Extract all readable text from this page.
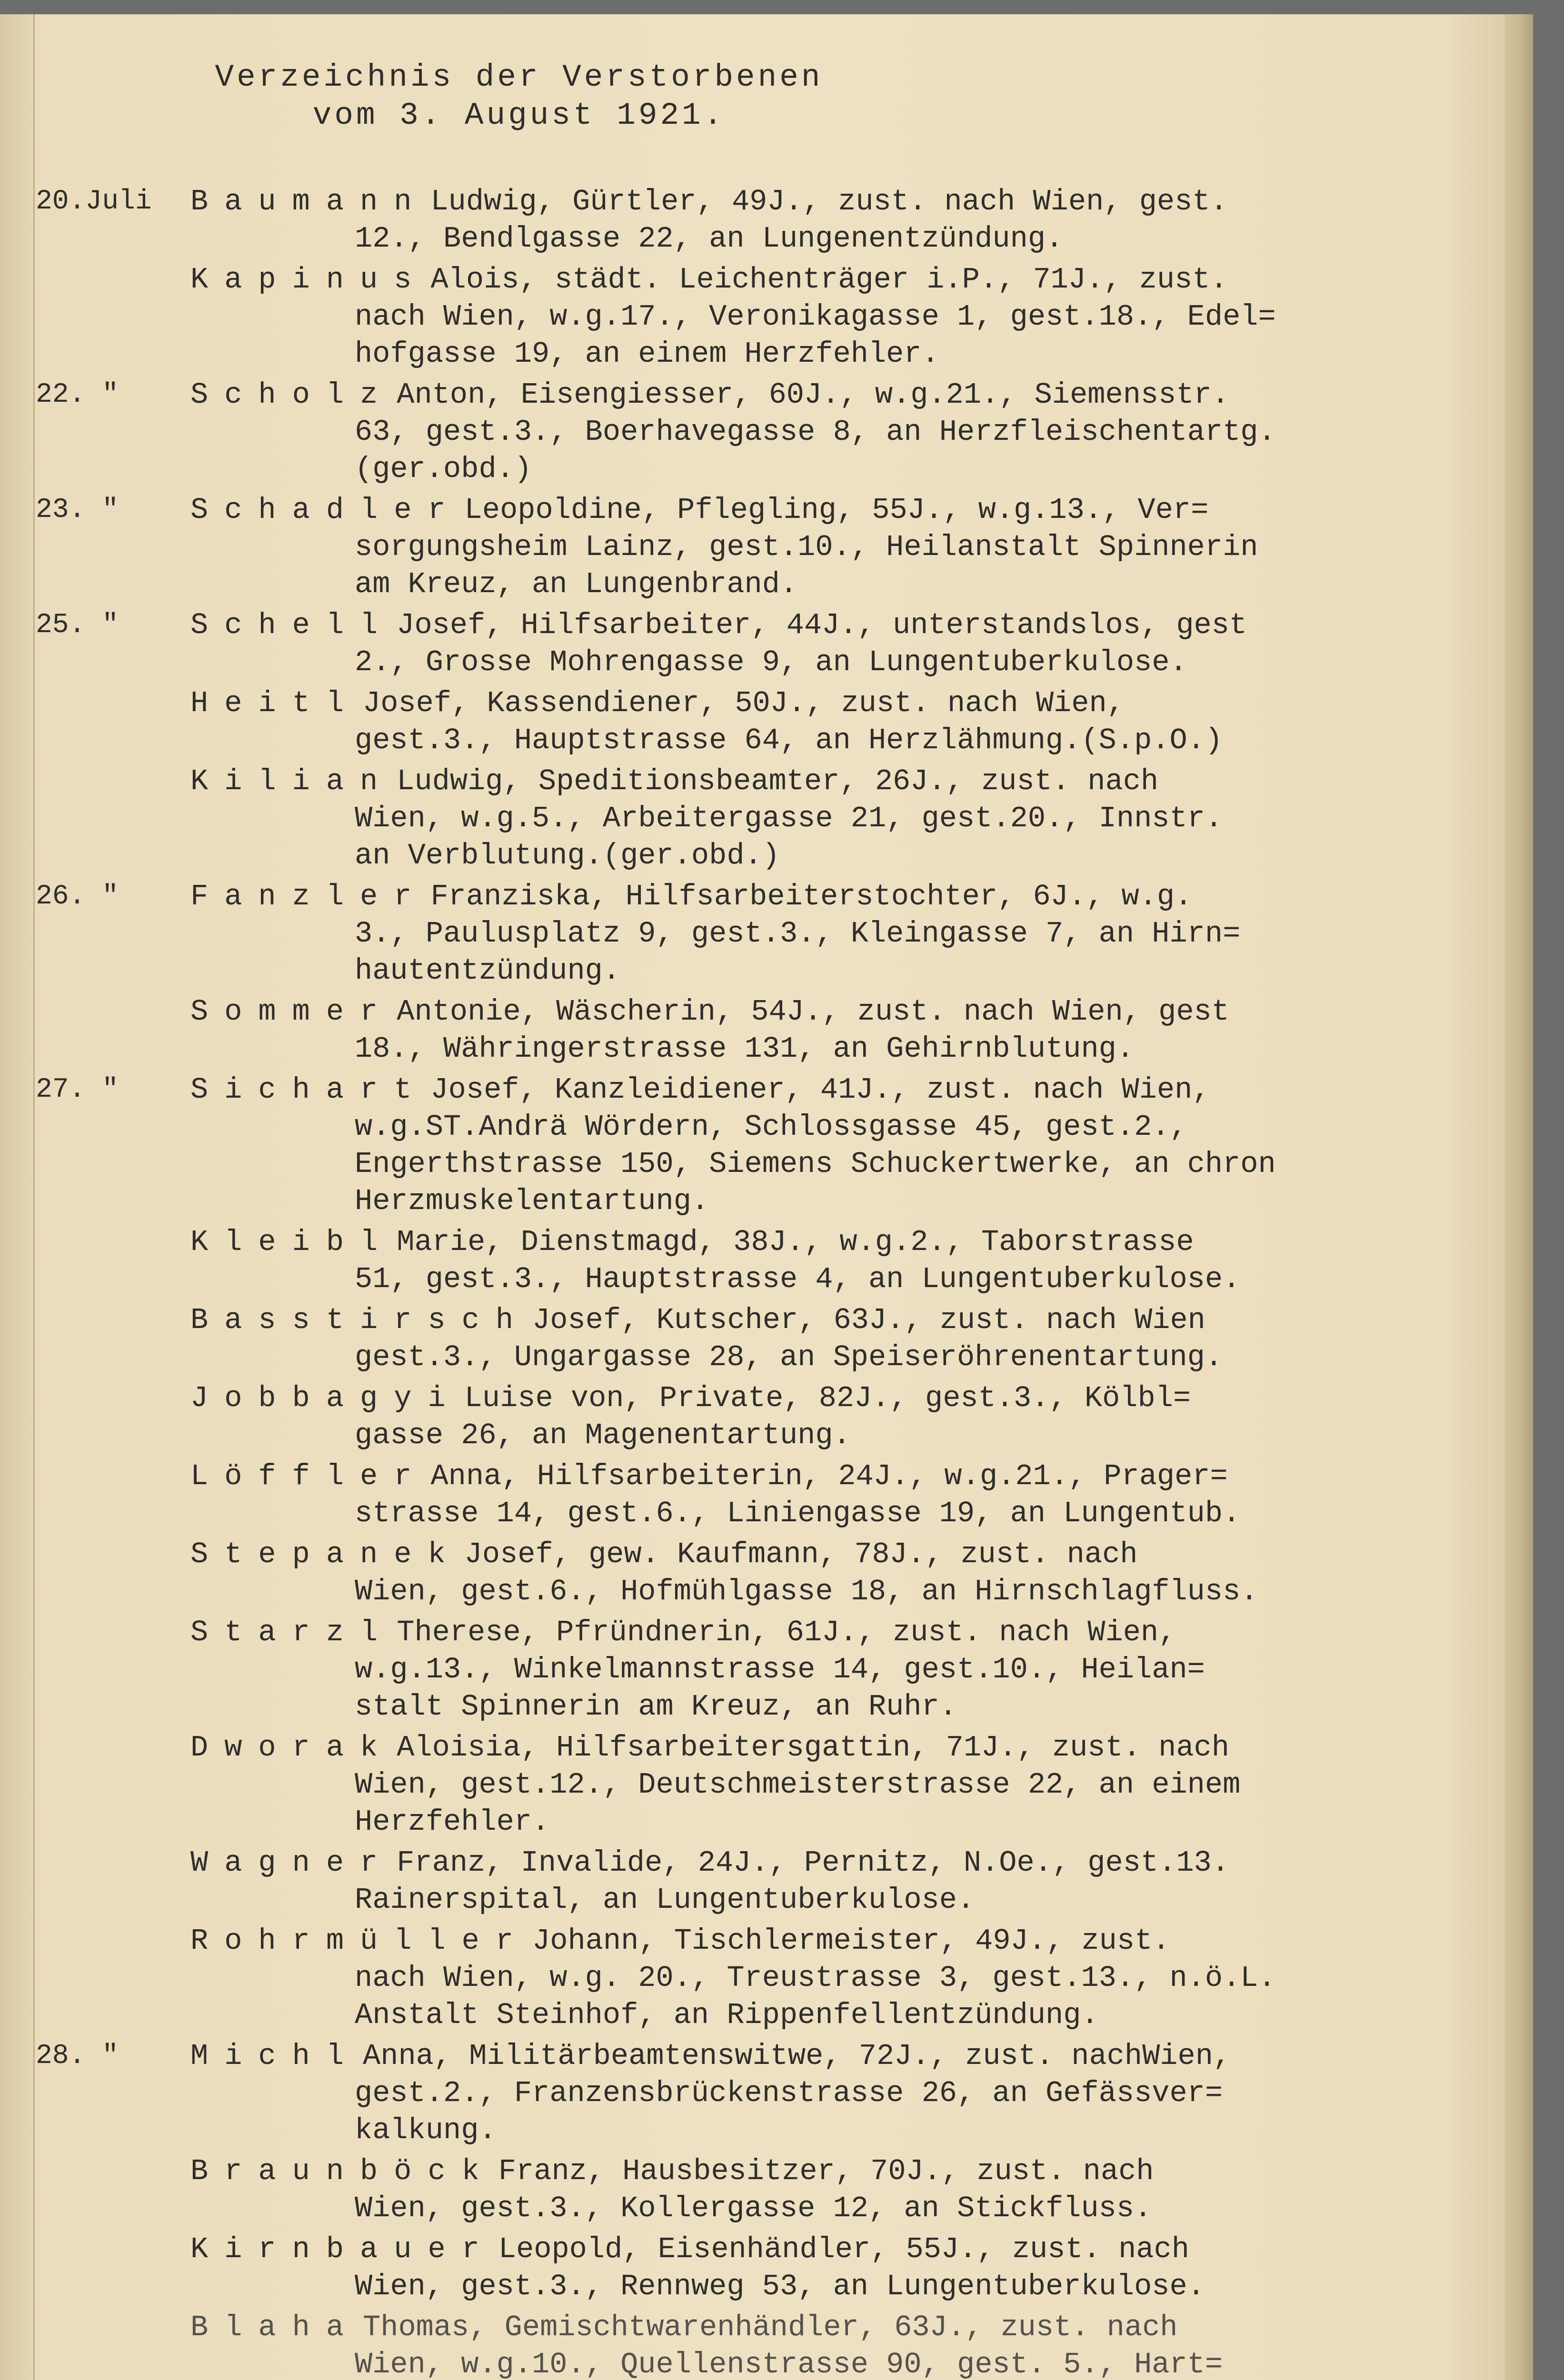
Verzeichnis der Verstorbenen
vom 3. August 1921.
20.Juli	BaumannLudwig, Gürtler, 49J., zust. nach Wien, gest.
12., Bendlgasse 22, an Lungenentzündung.
KapinusAlois, städt. Leichenträger i.P., 71J., zust.
nach Wien, w.g.17., Veronikagasse 1, gest.18., Edel=
hofgasse 19, an einem Herzfehler.
22. "	ScholzAnton, Eisengiesser, 60J., w.g.21., Siemensstr.
63, gest.3., Boerhavegasse 8, an Herzfleischentartg.
(ger.obd.)
23. "	SchadlerLeopoldine, Pflegling, 55J., w.g.13., Ver=
sorgungsheim Lainz, gest.10., Heilanstalt Spinnerin
am Kreuz, an Lungenbrand.
25. "	SchellJosef, Hilfsarbeiter, 44J., unterstandslos, gest
2., Grosse Mohrengasse 9, an Lungentuberkulose.
HeitlJosef, Kassendiener, 50J., zust. nach Wien,
gest.3., Hauptstrasse 64, an Herzlähmung.(S.p.O.)
KilianLudwig, Speditionsbeamter, 26J., zust. nach
Wien, w.g.5., Arbeitergasse 21, gest.20., Innstr.
an Verblutung.(ger.obd.)
26. "	FanzlerFranziska, Hilfsarbeiterstochter, 6J., w.g.
3., Paulusplatz 9, gest.3., Kleingasse 7, an Hirn=
hautentzündung.
SommerAntonie, Wäscherin, 54J., zust. nach Wien, gest
18., Währingerstrasse 131, an Gehirnblutung.
27. "	SichartJosef, Kanzleidiener, 41J., zust. nach Wien,
w.g.ST.Andrä Wördern, Schlossgasse 45, gest.2.,
Engerthstrasse 150, Siemens Schuckertwerke, an chron
Herzmuskelentartung.
KleiblMarie, Dienstmagd, 38J., w.g.2., Taborstrasse
51, gest.3., Hauptstrasse 4, an Lungentuberkulose.
BasstirschJosef, Kutscher, 63J., zust. nach Wien
gest.3., Ungargasse 28, an Speiseröhrenentartung.
JobbagyiLuise von, Private, 82J., gest.3., Kölbl=
gasse 26, an Magenentartung.
LöfflerAnna, Hilfsarbeiterin, 24J., w.g.21., Prager=
strasse 14, gest.6., Liniengasse 19, an Lungentub.
StepanekJosef, gew. Kaufmann, 78J., zust. nach
Wien, gest.6., Hofmühlgasse 18, an Hirnschlagfluss.
StarzlTherese, Pfründnerin, 61J., zust. nach Wien,
w.g.13., Winkelmannstrasse 14, gest.10., Heilan=
stalt Spinnerin am Kreuz, an Ruhr.
DworakAloisia, Hilfsarbeitersgattin, 71J., zust. nach
Wien, gest.12., Deutschmeisterstrasse 22, an einem
Herzfehler.
WagnerFranz, Invalide, 24J., Pernitz, N.Oe., gest.13.
Rainerspital, an Lungentuberkulose.
RohrmüllerJohann, Tischlermeister, 49J., zust.
nach Wien, w.g. 20., Treustrasse 3, gest.13., n.ö.L.
Anstalt Steinhof, an Rippenfellentzündung.
28. "	MichlAnna, Militärbeamtenswitwe, 72J., zust. nachWien,
gest.2., Franzensbrückenstrasse 26, an Gefässver=
kalkung.
BraunböckFranz, Hausbesitzer, 70J., zust. nach
Wien, gest.3., Kollergasse 12, an Stickfluss.
KirnbauerLeopold, Eisenhändler, 55J., zust. nach
Wien, gest.3., Rennweg 53, an Lungentuberkulose.
BlahaThomas, Gemischtwarenhändler, 63J., zust. nach
Wien, w.g.10., Quellenstrasse 90, gest. 5., Hart=
